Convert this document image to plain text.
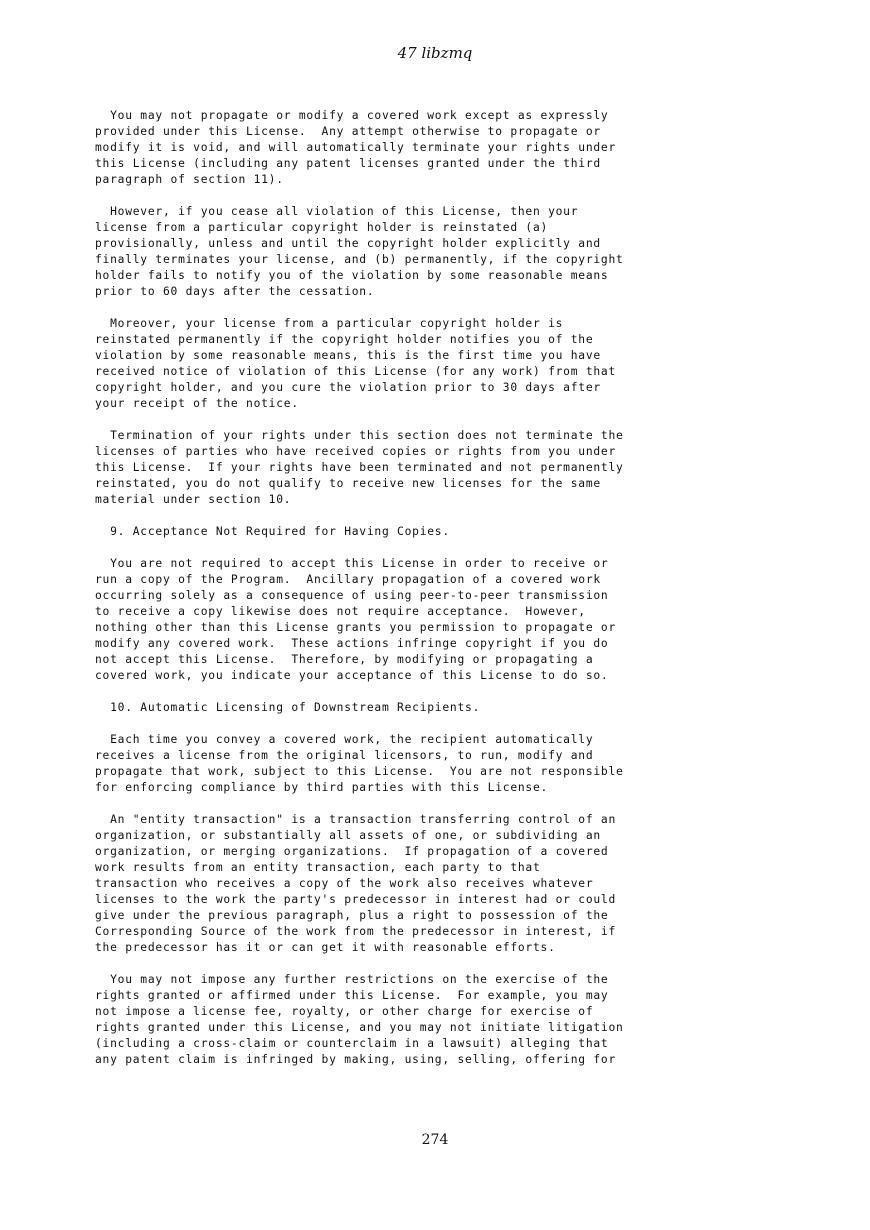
47 libzmq

You may not propagate or modify a covered work except as expressly
provided under this License.  Any attempt otherwise to propagate or
modify it is void, and will automatically terminate your rights under
this License (including any patent licenses granted under the third
paragraph of section 11).

However, if you cease all violation of this License, then your
license from a particular copyright holder is reinstated (a)
provisionally, unless and until the copyright holder explicitly and
finally terminates your license, and (b) permanently, if the copyright
holder fails to notify you of the violation by some reasonable means
prior to 60 days after the cessation.

Moreover, your license from a particular copyright holder is
reinstated permanently if the copyright holder notifies you of the
violation by some reasonable means, this is the first time you have
received notice of violation of this License (for any work) from that
copyright holder, and you cure the violation prior to 30 days after
your receipt of the notice.

Termination of your rights under this section does not terminate the
licenses of parties who have received copies or rights from you under
this License.  If your rights have been terminated and not permanently
reinstated, you do not qualify to receive new licenses for the same
material under section 10.

9. Acceptance Not Required for Having Copies.

You are not required to accept this License in order to receive or
run a copy of the Program.  Ancillary propagation of a covered work
occurring solely as a consequence of using peer-to-peer transmission
to receive a copy likewise does not require acceptance.  However,
nothing other than this License grants you permission to propagate or
modify any covered work.  These actions infringe copyright if you do
not accept this License.  Therefore, by modifying or propagating a
covered work, you indicate your acceptance of this License to do so.

10. Automatic Licensing of Downstream Recipients.

Each time you convey a covered work, the recipient automatically
receives a license from the original licensors, to run, modify and
propagate that work, subject to this License.  You are not responsible
for enforcing compliance by third parties with this License.

An "entity transaction" is a transaction transferring control of an
organization, or substantially all assets of one, or subdividing an
organization, or merging organizations.  If propagation of a covered
work results from an entity transaction, each party to that
transaction who receives a copy of the work also receives whatever
licenses to the work the party's predecessor in interest had or could
give under the previous paragraph, plus a right to possession of the
Corresponding Source of the work from the predecessor in interest, if
the predecessor has it or can get it with reasonable efforts.

You may not impose any further restrictions on the exercise of the
rights granted or affirmed under this License.  For example, you may
not impose a license fee, royalty, or other charge for exercise of
rights granted under this License, and you may not initiate litigation
(including a cross-claim or counterclaim in a lawsuit) alleging that
any patent claim is infringed by making, using, selling, offering for

274
